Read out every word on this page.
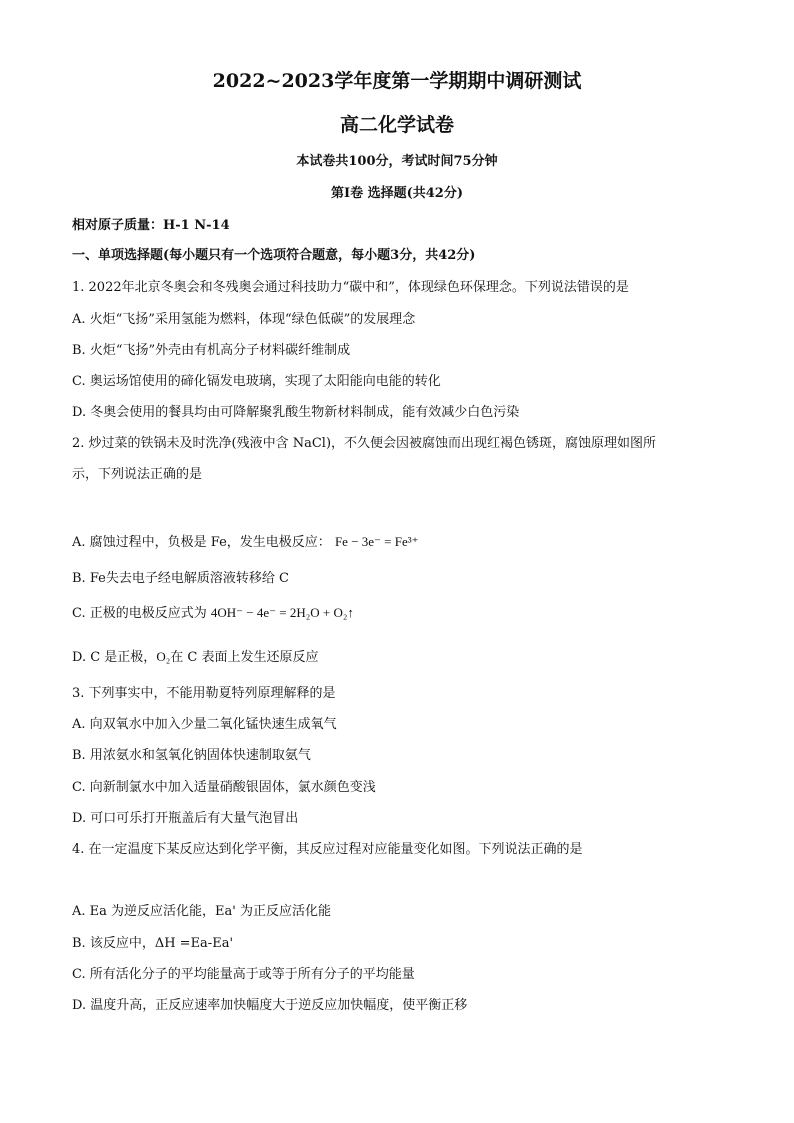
2022~2023学年度第一学期期中调研测试
高二化学试卷
本试卷共100分，考试时间75分钟
第I卷 选择题(共42分)
相对原子质量：H-1 N-14
一、单项选择题(每小题只有一个选项符合题意，每小题3分，共42分)
1. 2022年北京冬奥会和冬残奥会通过科技助力“碳中和”，体现绿色环保理念。下列说法错误的是
A. 火炬“飞扬”采用氢能为燃料，体现“绿色低碳”的发展理念
B. 火炬“飞扬”外壳由有机高分子材料碳纤维制成
C. 奥运场馆使用的碲化镉发电玻璃，实现了太阳能向电能的转化
D. 冬奥会使用的餐具均由可降解聚乳酸生物新材料制成，能有效减少白色污染
2. 炒过菜的铁锅未及时洗净(残液中含 NaCl)，不久便会因被腐蚀而出现红褐色锈斑，腐蚀原理如图所
示，下列说法正确的是
A. 腐蚀过程中，负极是 Fe，发生电极反应： Fe − 3e⁻ = Fe³⁺
B. Fe失去电子经电解质溶液转移给 C
C. 正极的电极反应式为 4OH⁻ − 4e⁻ = 2H₂O + O₂↑
D. C 是正极，O₂在 C 表面上发生还原反应
3. 下列事实中，不能用勒夏特列原理解释的是
A. 向双氧水中加入少量二氧化锰快速生成氧气
B. 用浓氨水和氢氧化钠固体快速制取氨气
C. 向新制氯水中加入适量硝酸银固体，氯水颜色变浅
D. 可口可乐打开瓶盖后有大量气泡冒出
4. 在一定温度下某反应达到化学平衡，其反应过程对应能量变化如图。下列说法正确的是
A. Ea 为逆反应活化能，Ea' 为正反应活化能
B. 该反应中，ΔH =Ea-Ea'
C. 所有活化分子的平均能量高于或等于所有分子的平均能量
D. 温度升高，正反应速率加快幅度大于逆反应加快幅度，使平衡正移
